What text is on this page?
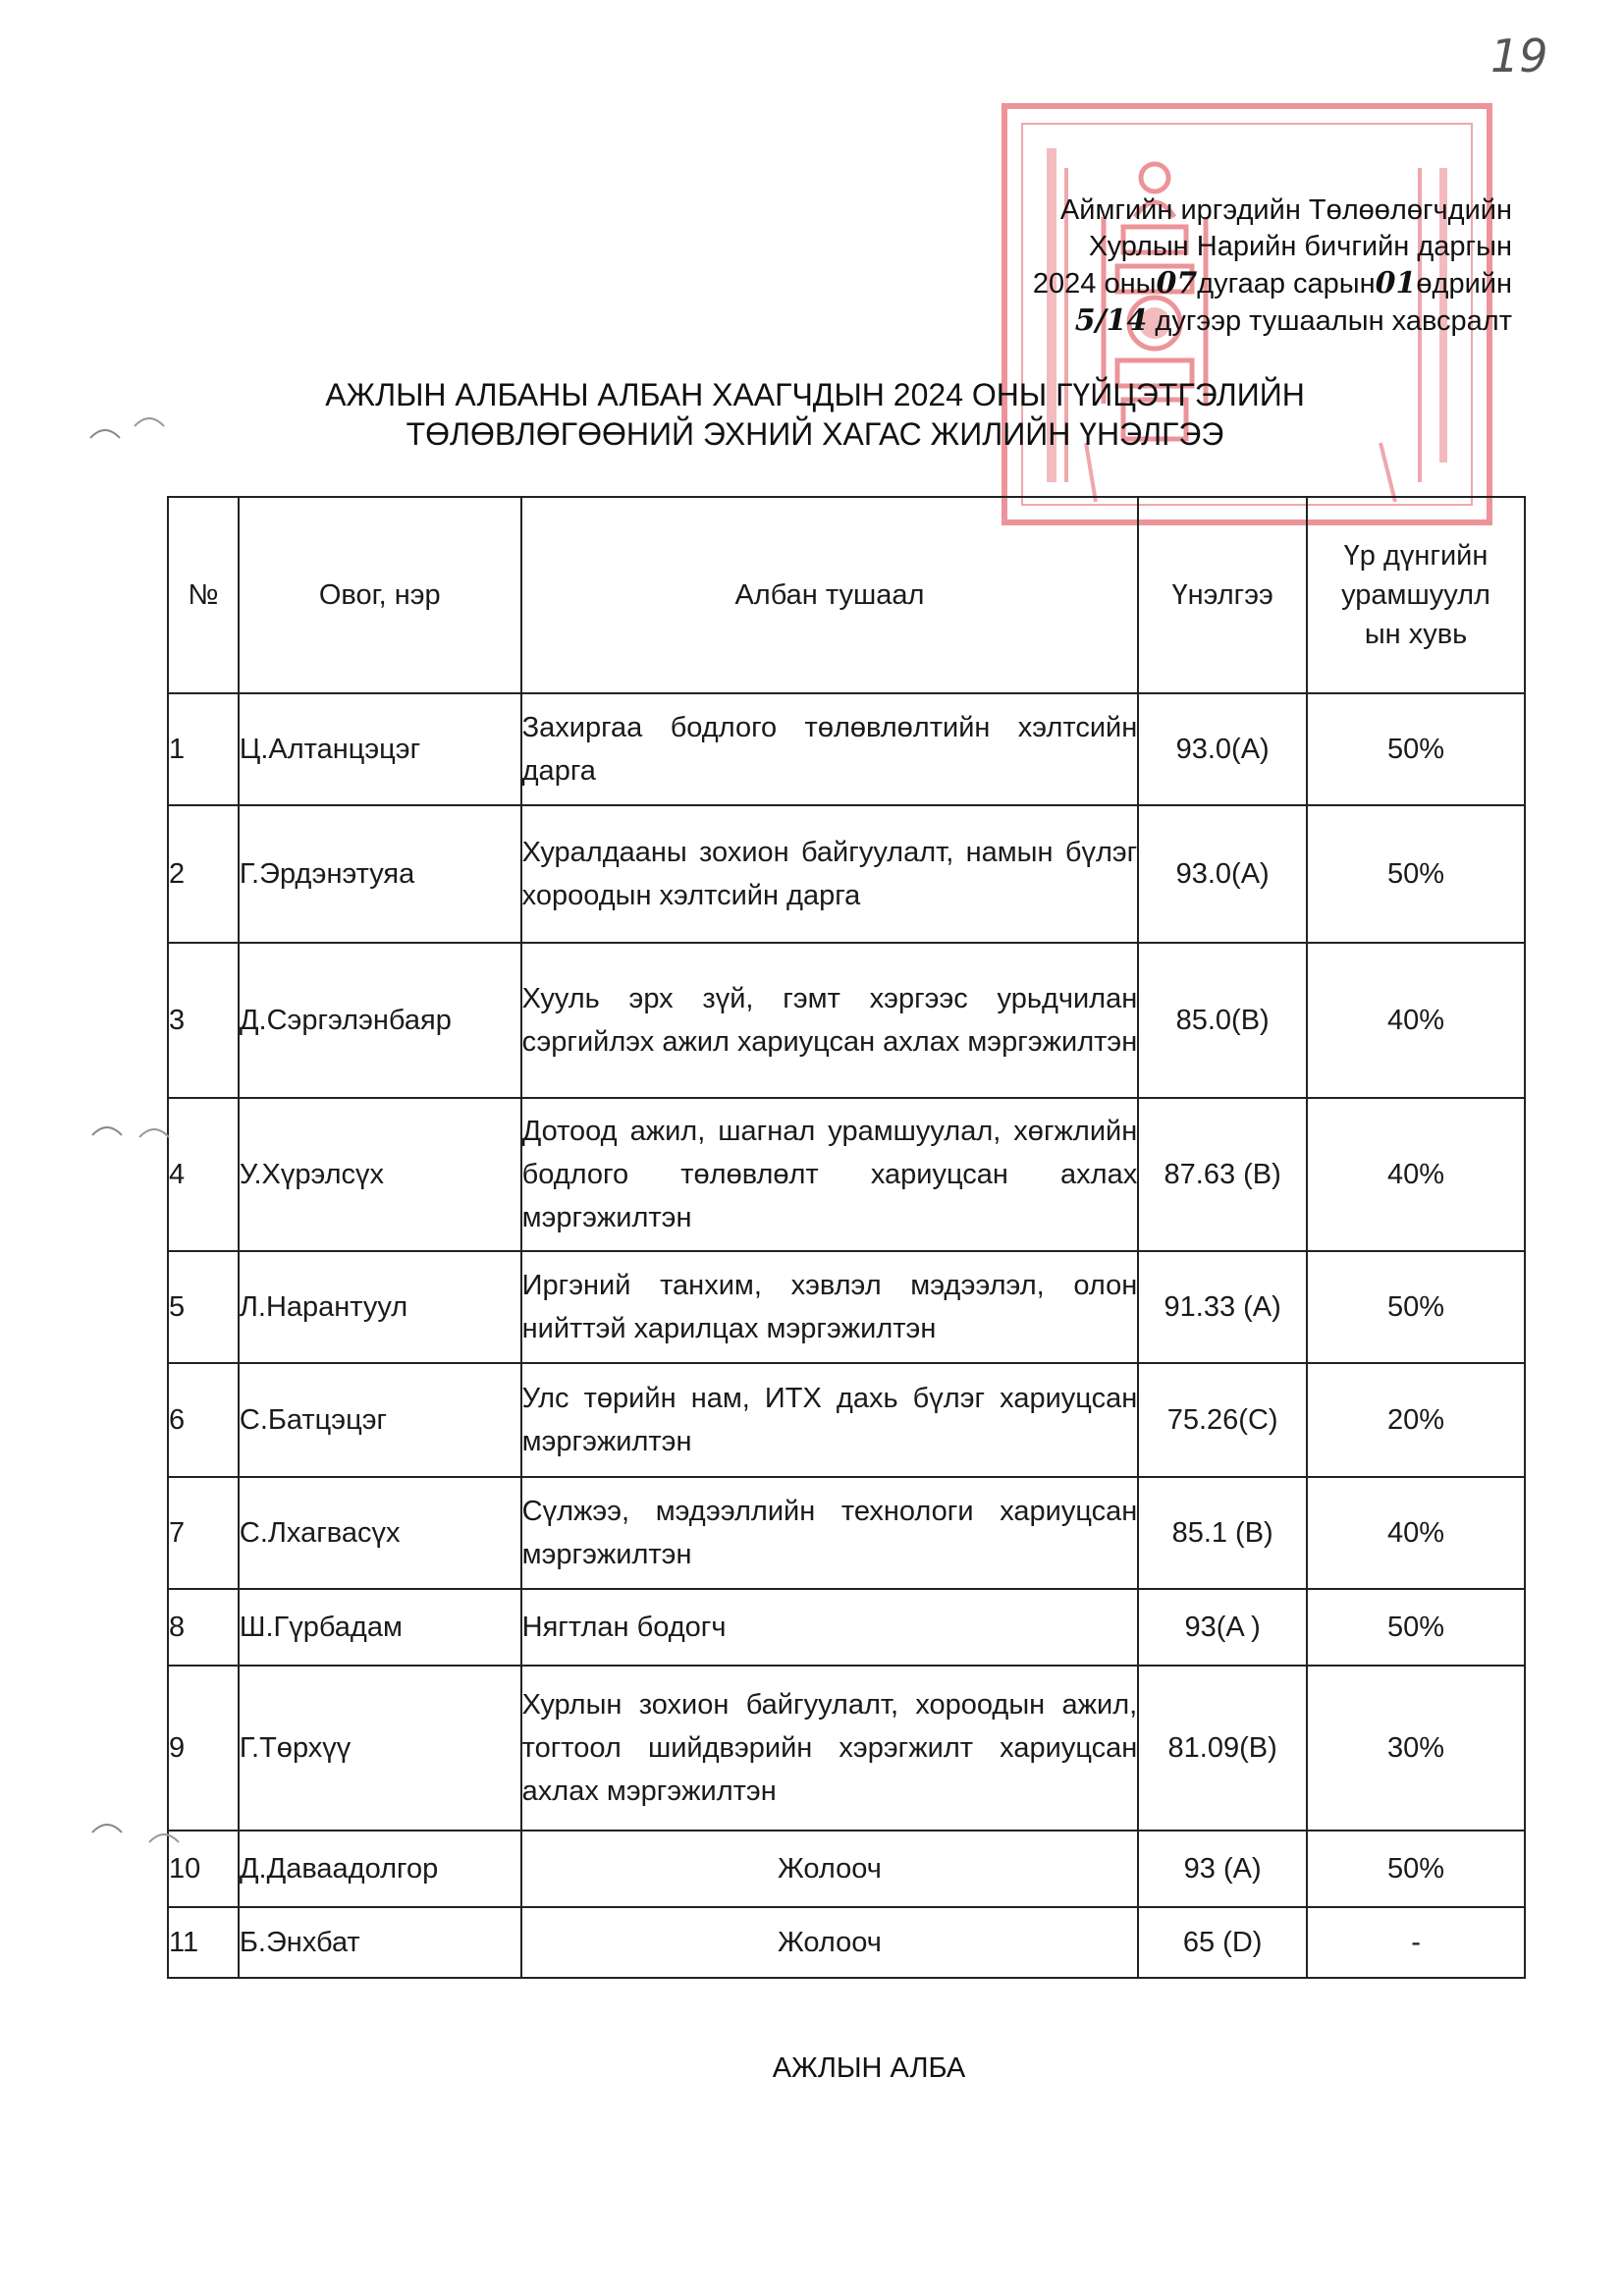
19
Аймгийн иргэдийн Төлөөлөгчдийн
Хурлын Нарийн бичгийн даргын
2024 оны07дугаар сарын01өдрийн
5/14 дугээр тушаалын хавсралт
АЖЛЫН АЛБАНЫ АЛБАН ХААГЧДЫН 2024 ОНЫ ГҮЙЦЭТГЭЛИЙН
ТӨЛӨВЛӨГӨӨНИЙ ЭХНИЙ ХАГАС ЖИЛИЙН ҮНЭЛГЭЭ
№	Овог, нэр	Албан тушаал	Үнэлгээ	Үр дүнгийн урамшуулл ын хувь
1	Ц.Алтанцэцэг	Захиргаа бодлого төлөвлөлтийн хэлтсийн дарга	93.0(A)	50%
2	Г.Эрдэнэтуяа	Хуралдааны зохион байгуулалт, намын бүлэг хороодын хэлтсийн дарга	93.0(A)	50%
3	Д.Сэргэлэнбаяр	Хууль эрх зүй, гэмт хэргээс урьдчилан сэргийлэх ажил хариуцсан ахлах мэргэжилтэн	85.0(B)	40%
4	У.Хүрэлсүх	Дотоод ажил, шагнал урамшуулал, хөгжлийн бодлого төлөвлөлт хариуцсан ахлах мэргэжилтэн	87.63 (B)	40%
5	Л.Нарантуул	Иргэний танхим, хэвлэл мэдээлэл, олон нийттэй харилцах мэргэжилтэн	91.33 (A)	50%
6	С.Батцэцэг	Улс төрийн нам, ИТХ дахь бүлэг хариуцсан мэргэжилтэн	75.26(C)	20%
7	С.Лхагвасүх	Сүлжээ, мэдээллийн технологи хариуцсан мэргэжилтэн	85.1 (B)	40%
8	Ш.Гүрбадам	Нягтлан бодогч	93(A )	50%
9	Г.Төрхүү	Хурлын зохион байгуулалт, хороодын ажил, тогтоол шийдвэрийн хэрэгжилт хариуцсан ахлах мэргэжилтэн	81.09(B)	30%
10	Д.Даваадолгор	Жолооч	93 (A)	50%
11	Б.Энхбат	Жолооч	65 (D)	-
АЖЛЫН АЛБА
